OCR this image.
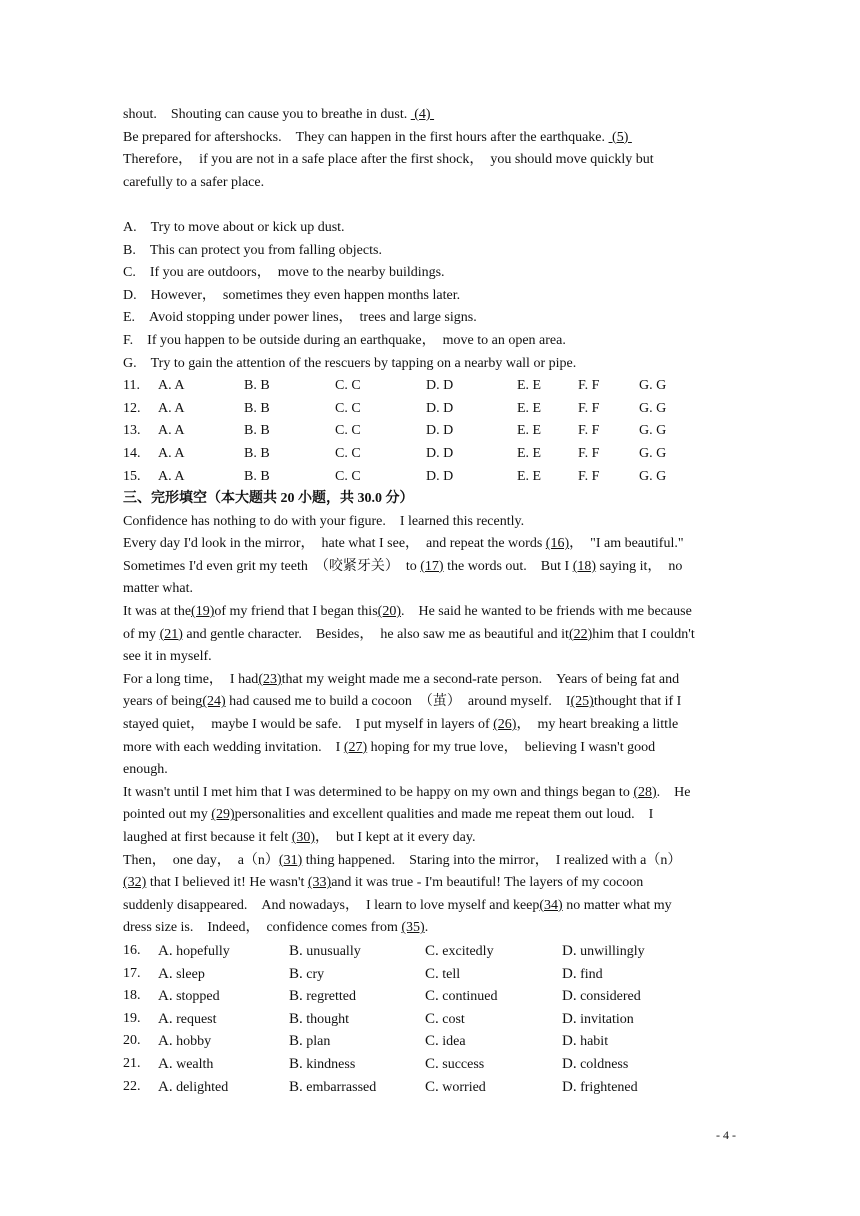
shout.　Shouting can cause you to breathe in dust.  (4)
Be prepared for aftershocks.　They can happen in the first hours after the earthquake.  (5)
Therefore，　if you are not in a safe place after the first shock，　you should move quickly but
carefully to a safer place.
A.　Try to move about or kick up dust.
B.　This can protect you from falling objects.
C.　If you are outdoors，　move to the nearby buildings.
D.　However，　sometimes they even happen months later.
E.　Avoid stopping under power lines，　trees and large signs.
F.　If you happen to be outside during an earthquake，　move to an open area.
G.　Try to gain the attention of the rescuers by tapping on a nearby wall or pipe.
11. A. A	B. B	C. C	D. D	E. E	F. F	G. G
12. A. A	B. B	C. C	D. D	E. E	F. F	G. G
13. A. A	B. B	C. C	D. D	E. E	F. F	G. G
14. A. A	B. B	C. C	D. D	E. E	F. F	G. G
15. A. A	B. B	C. C	D. D	E. E	F. F	G. G
三、完形填空（本大题共 20 小题，共 30.0 分）
Confidence has nothing to do with your figure.　I learned this recently.
Every day I'd look in the mirror，　hate what I see，　and repeat the words (16)，　"I am beautiful."
Sometimes I'd even grit my teeth　（咬紧牙关）　to (17) the words out.　But I (18) saying it，　no
matter what.
It was at the(19)of my friend that I began this(20).　He said he wanted to be friends with me because
of my (21) and gentle character.　Besides，　he also saw me as beautiful and it(22)him that I couldn't
see it in myself.
For a long time，　I had(23)that my weight made me a second-rate person.　Years of being fat and
years of being(24) had caused me to build a cocoon　（茧）　around myself.　I(25)thought that if I
stayed quiet，　maybe I would be safe.　I put myself in layers of (26)，　my heart breaking a little
more with each wedding invitation.　I (27) hoping for my true love，　believing I wasn't good
enough.
It wasn't until I met him that I was determined to be happy on my own and things began to (28).　He
pointed out my (29)personalities and excellent qualities and made me repeat them out loud.　I
laughed at first because it felt (30)，　but I kept at it every day.
Then，　one day，　a（n）(31) thing happened.　Staring into the mirror，　I realized with a（n）
(32) that I believed it! He wasn't (33)and it was true - I'm beautiful! The layers of my cocoon
suddenly disappeared.　And nowadays，　I learn to love myself and keep(34) no matter what my
dress size is.　Indeed，　confidence comes from (35).
16. A. hopefully	B. unusually	C. excitedly	D. unwillingly
17. A. sleep	B. cry	C. tell	D. find
18. A. stopped	B. regretted	C. continued	D. considered
19. A. request	B. thought	C. cost	D. invitation
20. A. hobby	B. plan	C. idea	D. habit
21. A. wealth	B. kindness	C. success	D. coldness
22. A. delighted	B. embarrassed	C. worried	D. frightened
- 4 -
